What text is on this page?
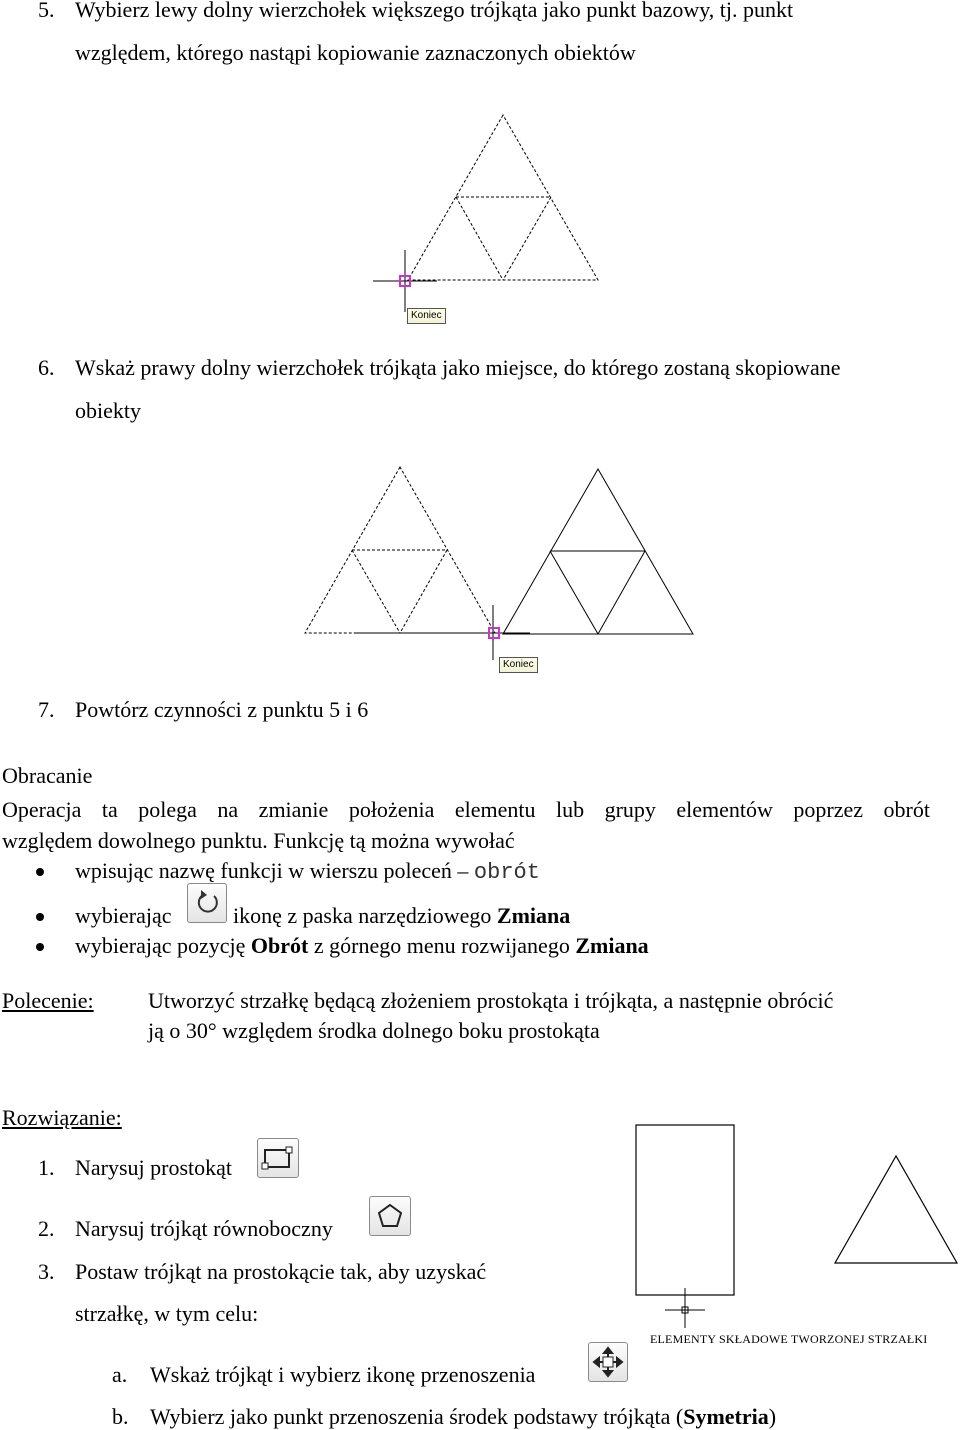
5. Wybierz lewy dolny wierzchołek większego trójkąta jako punkt bazowy, tj. punkt
względem, którego nastąpi kopiowanie zaznaczonych obiektów
Koniec
6. Wskaż prawy dolny wierzchołek trójkąta jako miejsce, do którego zostaną skopiowane
obiekty
Koniec
7. Powtórz czynności z punktu 5 i 6
Obracanie
Operacja ta polega na zmianie położenia elementu lub grupy elementów poprzez obrót
względem dowolnego punktu. Funkcję tą można wywołać
wpisując nazwę funkcji w wierszu poleceń – obrót
wybierając	ikonę z paska narzędziowego Zmiana
wybierając pozycję Obrót z górnego menu rozwijanego Zmiana
Polecenie: Utworzyć strzałkę będącą złożeniem prostokąta i trójkąta, a następnie obrócić
ją o 30° względem środka dolnego boku prostokąta
Rozwiązanie:
1. Narysuj prostokąt
2. Narysuj trójkąt równoboczny
3. Postaw trójkąt na prostokącie tak, aby uzyskać
strzałkę, w tym celu:
ELEMENTY SKŁADOWE TWORZONEJ STRZAŁKI
a. Wskaż trójkąt i wybierz ikonę przenoszenia
b. Wybierz jako punkt przenoszenia środek podstawy trójkąta (Symetria)
